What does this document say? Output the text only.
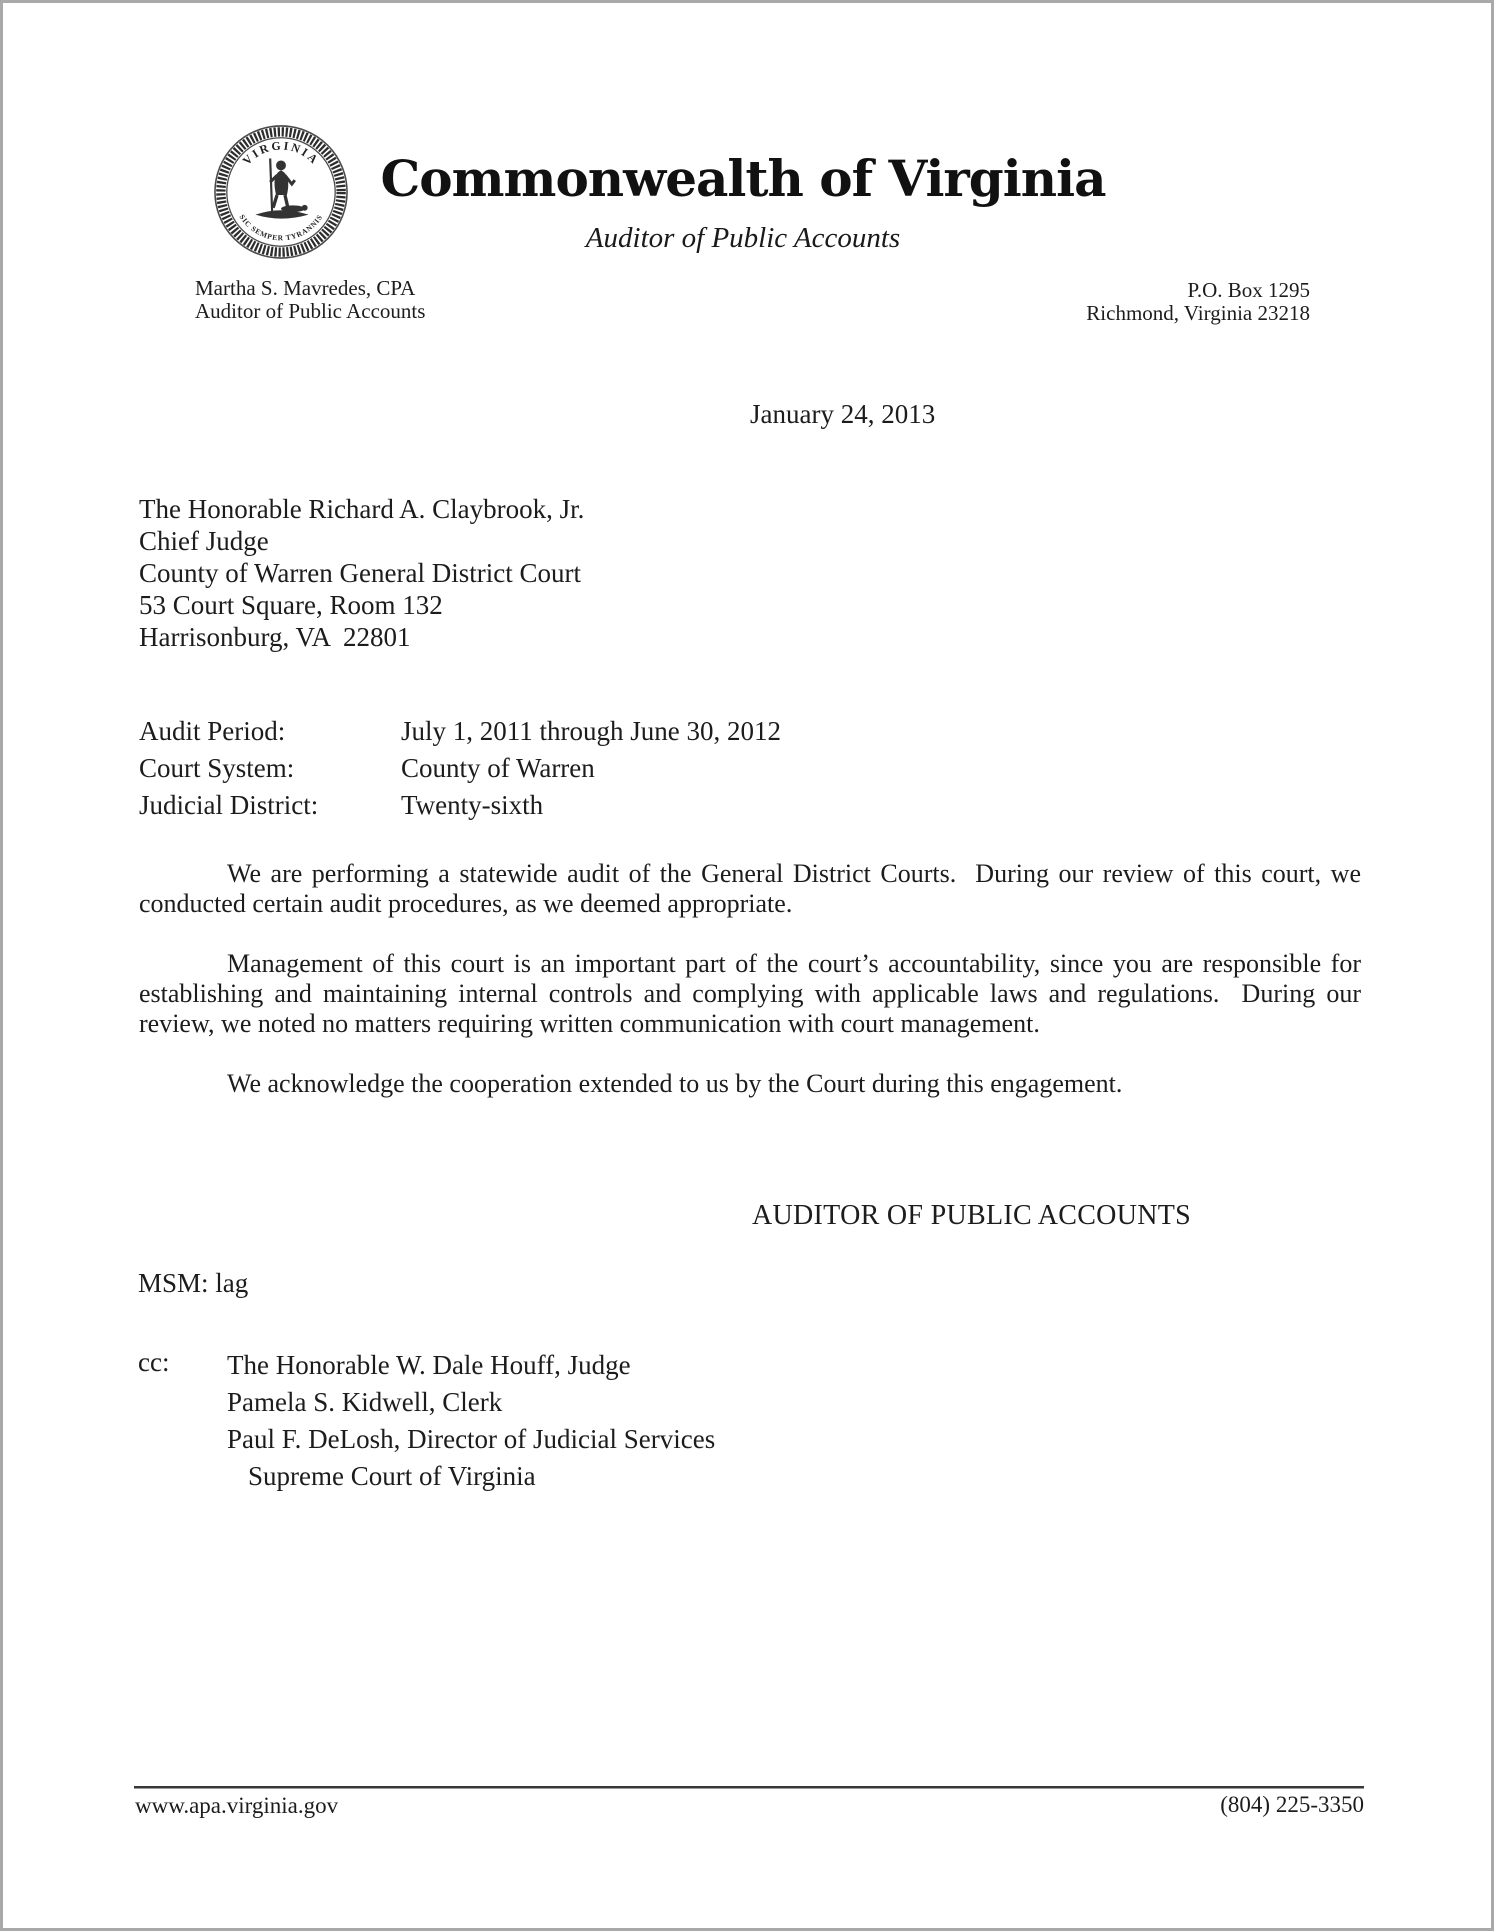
VIRGINIA
SIC SEMPER TYRANNIS
Commonwealth of Virginia
Auditor of Public Accounts
Martha S. Mavredes, CPA
Auditor of Public Accounts
P.O. Box 1295
Richmond, Virginia 23218
January 24, 2013
The Honorable Richard A. Claybrook, Jr.
Chief Judge
County of Warren General District Court
53 Court Square, Room 132
Harrisonburg, VA  22801
Audit Period:	July 1, 2011 through June 30, 2012
Court System:	County of Warren
Judicial District:	Twenty-sixth

We are performing a statewide audit of the General District Courts.  During our review of this court, we conducted certain audit procedures, as we deemed appropriate.

Management of this court is an important part of the court’s accountability, since you are responsible for establishing and maintaining internal controls and complying with applicable laws and regulations.  During our review, we noted no matters requiring written communication with court management.

We acknowledge the cooperation extended to us by the Court during this engagement.

AUDITOR OF PUBLIC ACCOUNTS
MSM: lag
cc: The Honorable W. Dale Houff, Judge
Pamela S. Kidwell, Clerk
Paul F. DeLosh, Director of Judicial Services
Supreme Court of Virginia
www.apa.virginia.gov	(804) 225-3350
